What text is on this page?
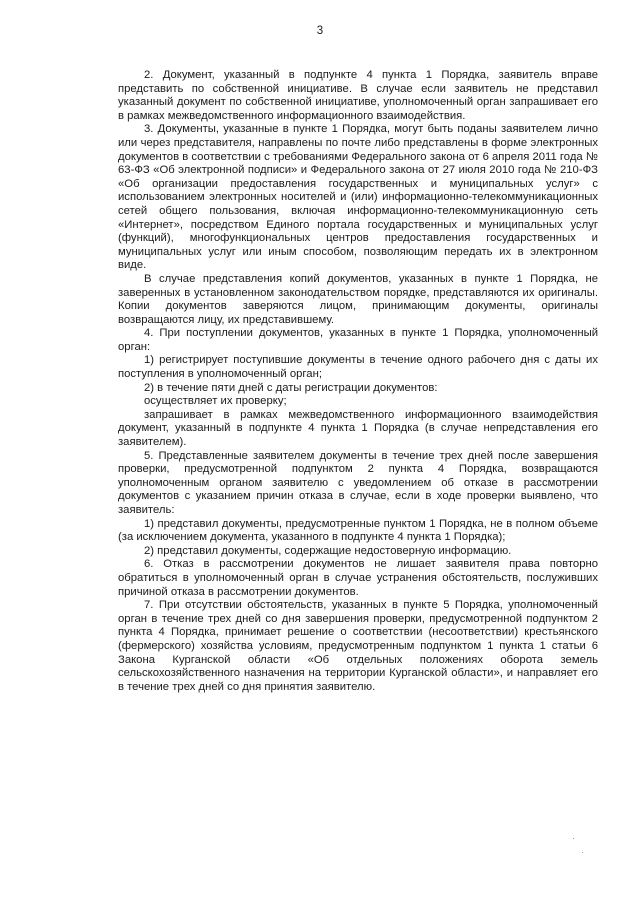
3

2. Документ, указанный в подпункте 4 пункта 1 Порядка, заявитель вправе представить по собственной инициативе. В случае если заявитель не представил указанный документ по собственной инициативе, уполномоченный орган запрашивает его в рамках межведомственного информационного взаимодействия.

3. Документы, указанные в пункте 1 Порядка, могут быть поданы заявителем лично или через представителя, направлены по почте либо представлены в форме электронных документов в соответствии с требованиями Федерального закона от 6 апреля 2011 года № 63-ФЗ «Об электронной подписи» и Федерального закона от 27 июля 2010 года № 210-ФЗ «Об организации предоставления государственных и муниципальных услуг» с использованием электронных носителей и (или) информационно-телекоммуникационных сетей общего пользования, включая информационно-телекоммуникационную сеть «Интернет», посредством Единого портала государственных и муниципальных услуг (функций), многофункциональных центров предоставления государственных и муниципальных услуг или иным способом, позволяющим передать их в электронном виде.

В случае представления копий документов, указанных в пункте 1 Порядка, не заверенных в установленном законодательством порядке, представляются их оригиналы. Копии документов заверяются лицом, принимающим документы, оригиналы возвращаются лицу, их представившему.

4. При поступлении документов, указанных в пункте 1 Порядка, уполномоченный орган:

1) регистрирует поступившие документы в течение одного рабочего дня с даты их поступления в уполномоченный орган;

2) в течение пяти дней с даты регистрации документов:

осуществляет их проверку;

запрашивает в рамках межведомственного информационного взаимодействия документ, указанный в подпункте 4 пункта 1 Порядка (в случае непредставления его заявителем).

5. Представленные заявителем документы в течение трех дней после завершения проверки, предусмотренной подпунктом 2 пункта 4 Порядка, возвращаются уполномоченным органом заявителю с уведомлением об отказе в рассмотрении документов с указанием причин отказа в случае, если в ходе проверки выявлено, что заявитель:

1) представил документы, предусмотренные пунктом 1 Порядка, не в полном объеме (за исключением документа, указанного в подпункте 4 пункта 1 Порядка);

2) представил документы, содержащие недостоверную информацию.

6. Отказ в рассмотрении документов не лишает заявителя права повторно обратиться в уполномоченный орган в случае устранения обстоятельств, послуживших причиной отказа в рассмотрении документов.

7. При отсутствии обстоятельств, указанных в пункте 5 Порядка, уполномоченный орган в течение трех дней со дня завершения проверки, предусмотренной подпунктом 2 пункта 4 Порядка, принимает решение о соответствии (несоответствии) крестьянского (фермерского) хозяйства условиям, предусмотренным подпунктом 1 пункта 1 статьи 6 Закона Курганской области «Об отдельных положениях оборота земель сельскохозяйственного назначения на территории Курганской области», и направляет его в течение трех дней со дня принятия заявителю.
